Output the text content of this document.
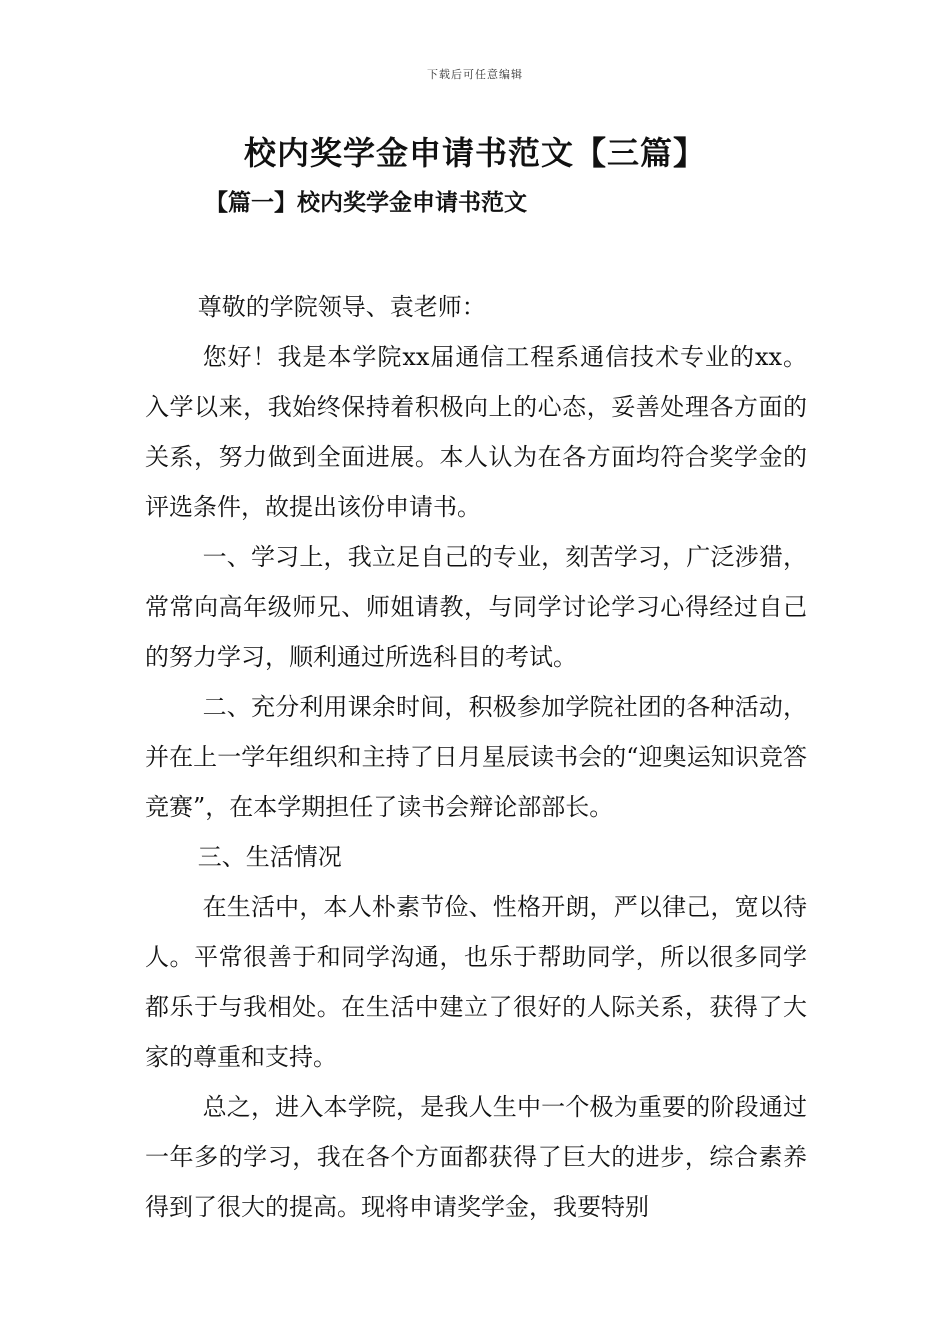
下载后可任意编辑
校内奖学金申请书范文【三篇】
【篇一】校内奖学金申请书范文

尊敬的学院领导、袁老师：

您好！我是本学院xx届通信工程系通信技术专业的xx。入学以来，我始终保持着积极向上的心态，妥善处理各方面的关系，努力做到全面进展。本人认为在各方面均符合奖学金的评选条件，故提出该份申请书。

一、学习上，我立足自己的专业，刻苦学习，广泛涉猎，常常向高年级师兄、师姐请教，与同学讨论学习心得经过自己的努力学习，顺利通过所选科目的考试。

二、充分利用课余时间，积极参加学院社团的各种活动，并在上一学年组织和主持了日月星辰读书会的“迎奥运知识竞答竞赛”，在本学期担任了读书会辩论部部长。

三、生活情况

在生活中，本人朴素节俭、性格开朗，严以律己，宽以待人。平常很善于和同学沟通，也乐于帮助同学，所以很多同学都乐于与我相处。在生活中建立了很好的人际关系，获得了大家的尊重和支持。

总之，进入本学院，是我人生中一个极为重要的阶段通过一年多的学习，我在各个方面都获得了巨大的进步，综合素养得到了很大的提高。现将申请奖学金，我要特别
